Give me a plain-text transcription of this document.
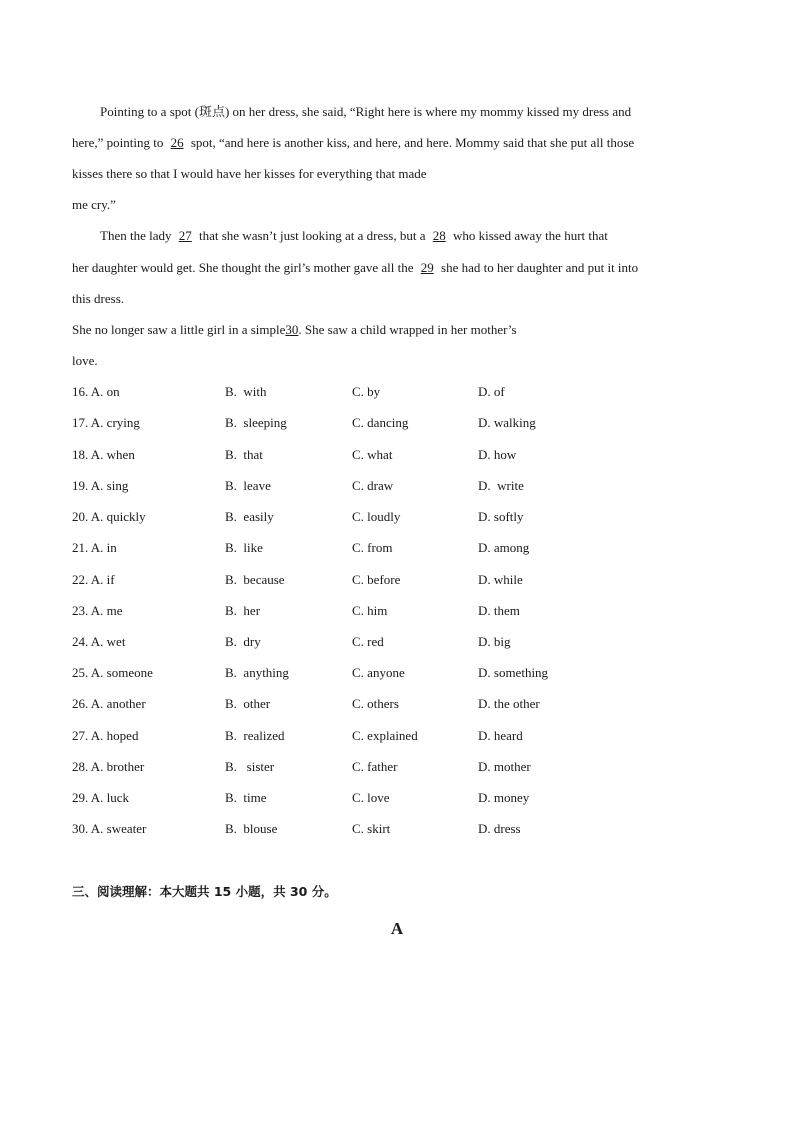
Pointing to a spot (斑点) on her dress, she said, “Right here is where my mommy kissed my dress and
here,” pointing to 26 spot, “and here is another kiss, and here, and here. Mommy said that she put all those
kisses there so that I would have her kisses for everything that made
me cry.”
Then the lady 27 that she wasn’t just looking at a dress, but a 28 who kissed away the hurt that
her daughter would get. She thought the girl’s mother gave all the 29 she had to her daughter and put it into
this dress.
She no longer saw a little girl in a simple30. She saw a child wrapped in her mother’s
love.
16. A. on	B. with	C. by	D. of
17. A. crying	B. sleeping	C. dancing	D. walking
18. A. when	B. that	C. what	D. how
19. A. sing	B. leave	C. draw	D. write
20. A. quickly	B. easily	C. loudly	D. softly
21. A. in	B. like	C. from	D. among
22. A. if	B. because	C. before	D. while
23. A. me	B. her	C. him	D. them
24. A. wet	B. dry	C. red	D. big
25. A. someone	B. anything	C. anyone	D. something
26. A. another	B. other	C. others	D. the other
27. A. hoped	B. realized	C. explained	D. heard
28. A. brother	B. sister	C. father	D. mother
29. A. luck	B. time	C. love	D. money
30. A. sweater	B. blouse	C. skirt	D. dress
三、阅读理解：本大题共 15 小题，共 30 分。
A
